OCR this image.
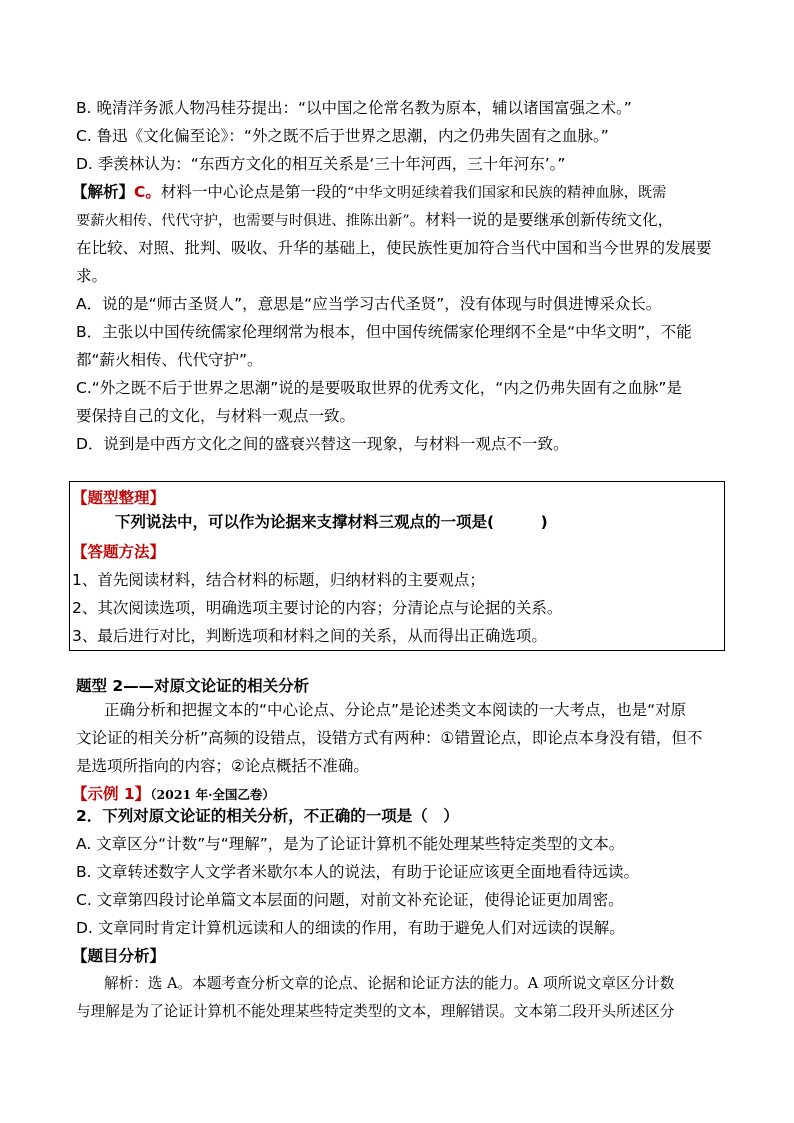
B. 晚清洋务派人物冯桂芬提出：“以中国之伦常名教为原本，辅以诸国富强之术。”
C. 鲁迅《文化偏至论》：“外之既不后于世界之思潮，内之仍弗失固有之血脉。”
D. 季羡林认为：“东西方文化的相互关系是‘三十年河西，三十年河东’。”
【解析】C。材料一中心论点是第一段的“中华文明延续着我们国家和民族的精神血脉，既需
要薪火相传、代代守护，也需要与时俱进、推陈出新”。材料一说的是要继承创新传统文化，
在比较、对照、批判、吸收、升华的基础上，使民族性更加符合当代中国和当今世界的发展要
求。
A．说的是“师古圣贤人”，意思是“应当学习古代圣贤”，没有体现与时俱进博采众长。
B．主张以中国传统儒家伦理纲常为根本，但中国传统儒家伦理纲不全是“中华文明”，不能
都“薪火相传、代代守护”。
C.“外之既不后于世界之思潮”说的是要吸取世界的优秀文化，“内之仍弗失固有之血脉”是
要保持自己的文化，与材料一观点一致。
D．说到是中西方文化之间的盛衰兴替这一现象，与材料一观点不一致。
【题型整理】
下列说法中，可以作为论据来支撑材料三观点的一项是(　　　)
【答题方法】
1、首先阅读材料，结合材料的标题，归纳材料的主要观点；
2、其次阅读选项，明确选项主要讨论的内容；分清论点与论据的关系。
3、最后进行对比，判断选项和材料之间的关系，从而得出正确选项。
题型 2——对原文论证的相关分析
正确分析和把握文本的“中心论点、分论点”是论述类文本阅读的一大考点，也是“对原
文论证的相关分析”高频的设错点，设错方式有两种：①错置论点，即论点本身没有错，但不
是选项所指向的内容；②论点概括不准确。
【示例 1】（2021 年·全国乙卷）
2．下列对原文论证的相关分析，不正确的一项是（　）
A. 文章区分“计数”与“理解”，是为了论证计算机不能处理某些特定类型的文本。
B. 文章转述数字人文学者米歇尔本人的说法，有助于论证应该更全面地看待远读。
C. 文章第四段讨论单篇文本层面的问题，对前文补充论证，使得论证更加周密。
D. 文章同时肯定计算机远读和人的细读的作用，有助于避免人们对远读的误解。
【题目分析】
解析：选 A。本题考查分析文章的论点、论据和论证方法的能力。A 项所说文章区分计数
与理解是为了论证计算机不能处理某些特定类型的文本，理解错误。文本第二段开头所述区分
